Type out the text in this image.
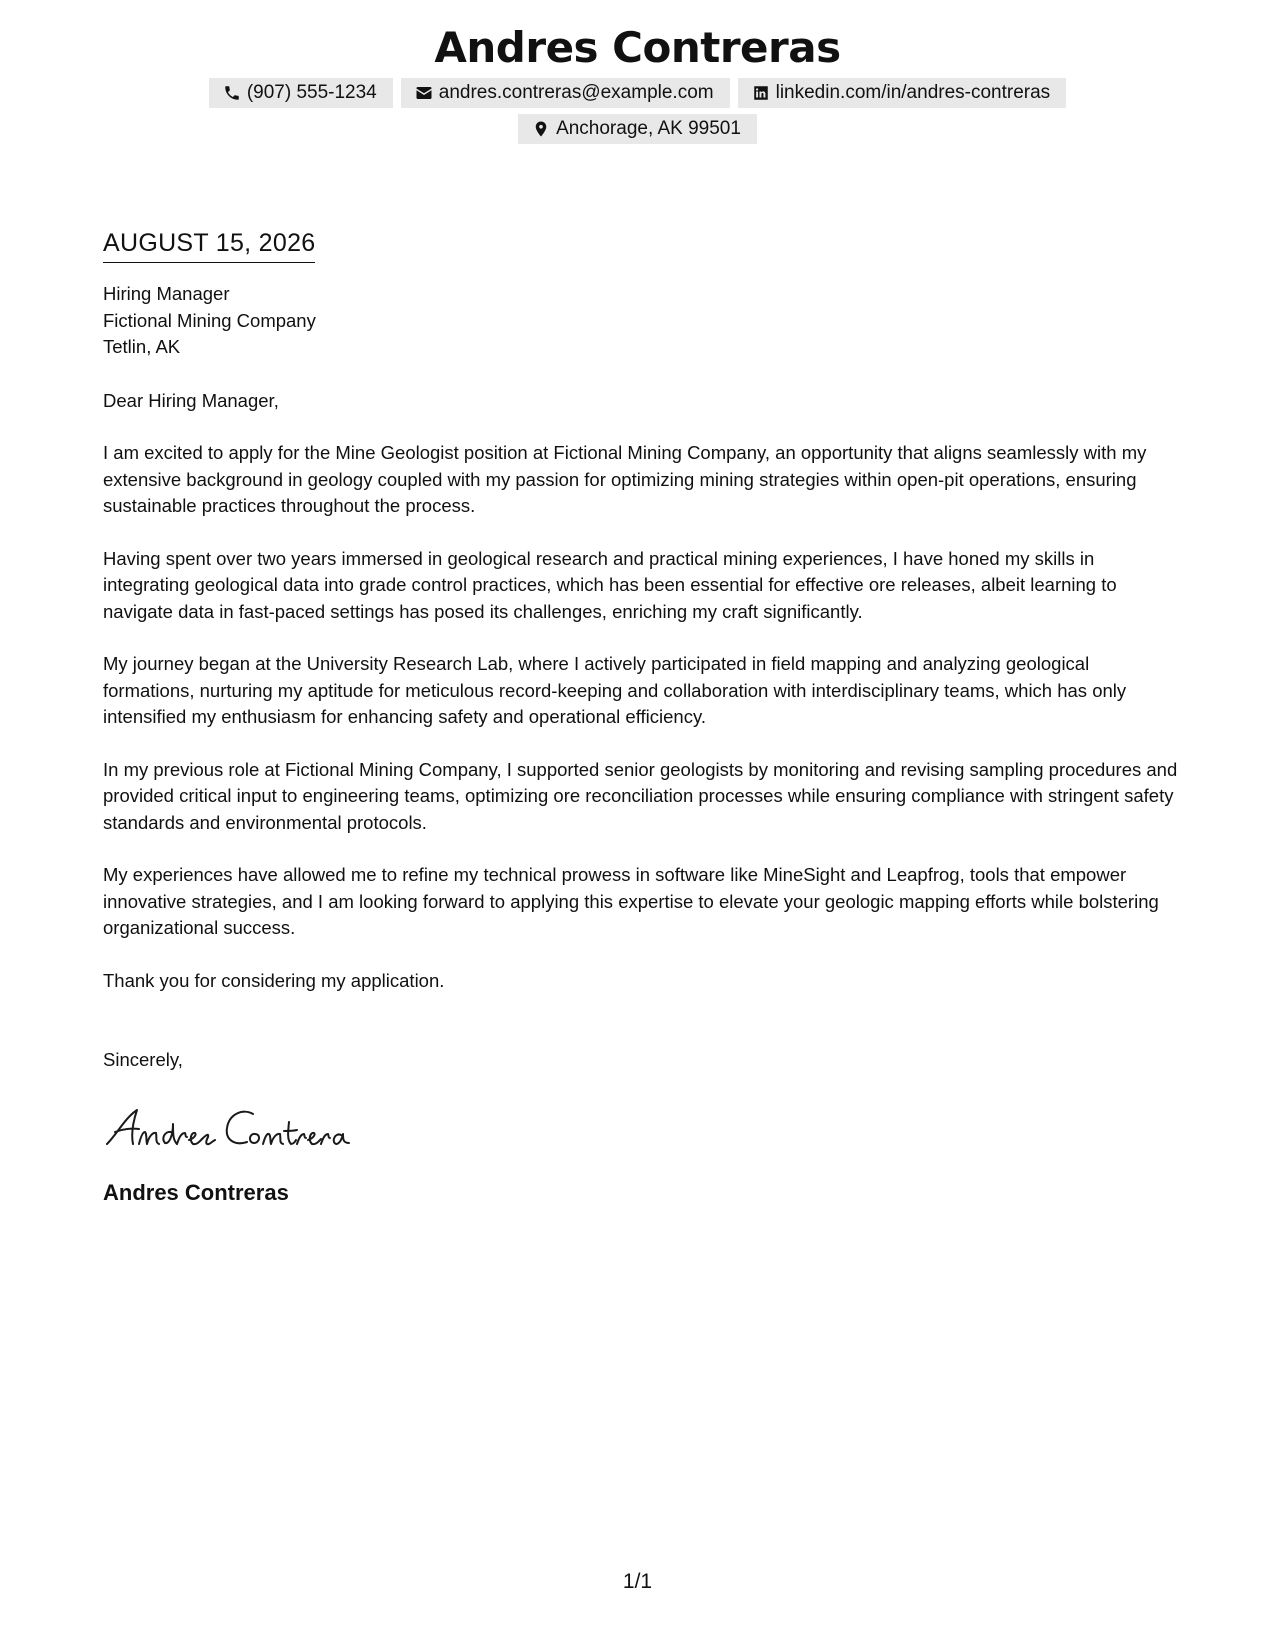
Andres Contreras
(907) 555-1234	andres.contreras@example.com	linkedin.com/in/andres-contreras
Anchorage, AK 99501
AUGUST 15, 2026
Hiring Manager
Fictional Mining Company
Tetlin, AK

Dear Hiring Manager,

I am excited to apply for the Mine Geologist position at Fictional Mining Company, an opportunity that aligns seamlessly with my extensive background in geology coupled with my passion for optimizing mining strategies within open-pit operations, ensuring sustainable practices throughout the process.

Having spent over two years immersed in geological research and practical mining experiences, I have honed my skills in integrating geological data into grade control practices, which has been essential for effective ore releases, albeit learning to navigate data in fast-paced settings has posed its challenges, enriching my craft significantly.

My journey began at the University Research Lab, where I actively participated in field mapping and analyzing geological formations, nurturing my aptitude for meticulous record-keeping and collaboration with interdisciplinary teams, which has only intensified my enthusiasm for enhancing safety and operational efficiency.

In my previous role at Fictional Mining Company, I supported senior geologists by monitoring and revising sampling procedures and provided critical input to engineering teams, optimizing ore reconciliation processes while ensuring compliance with stringent safety standards and environmental protocols.

My experiences have allowed me to refine my technical prowess in software like MineSight and Leapfrog, tools that empower innovative strategies, and I am looking forward to applying this expertise to elevate your geologic mapping efforts while bolstering organizational success.

Thank you for considering my application.

Sincerely,

Andres Contreras
1/1
